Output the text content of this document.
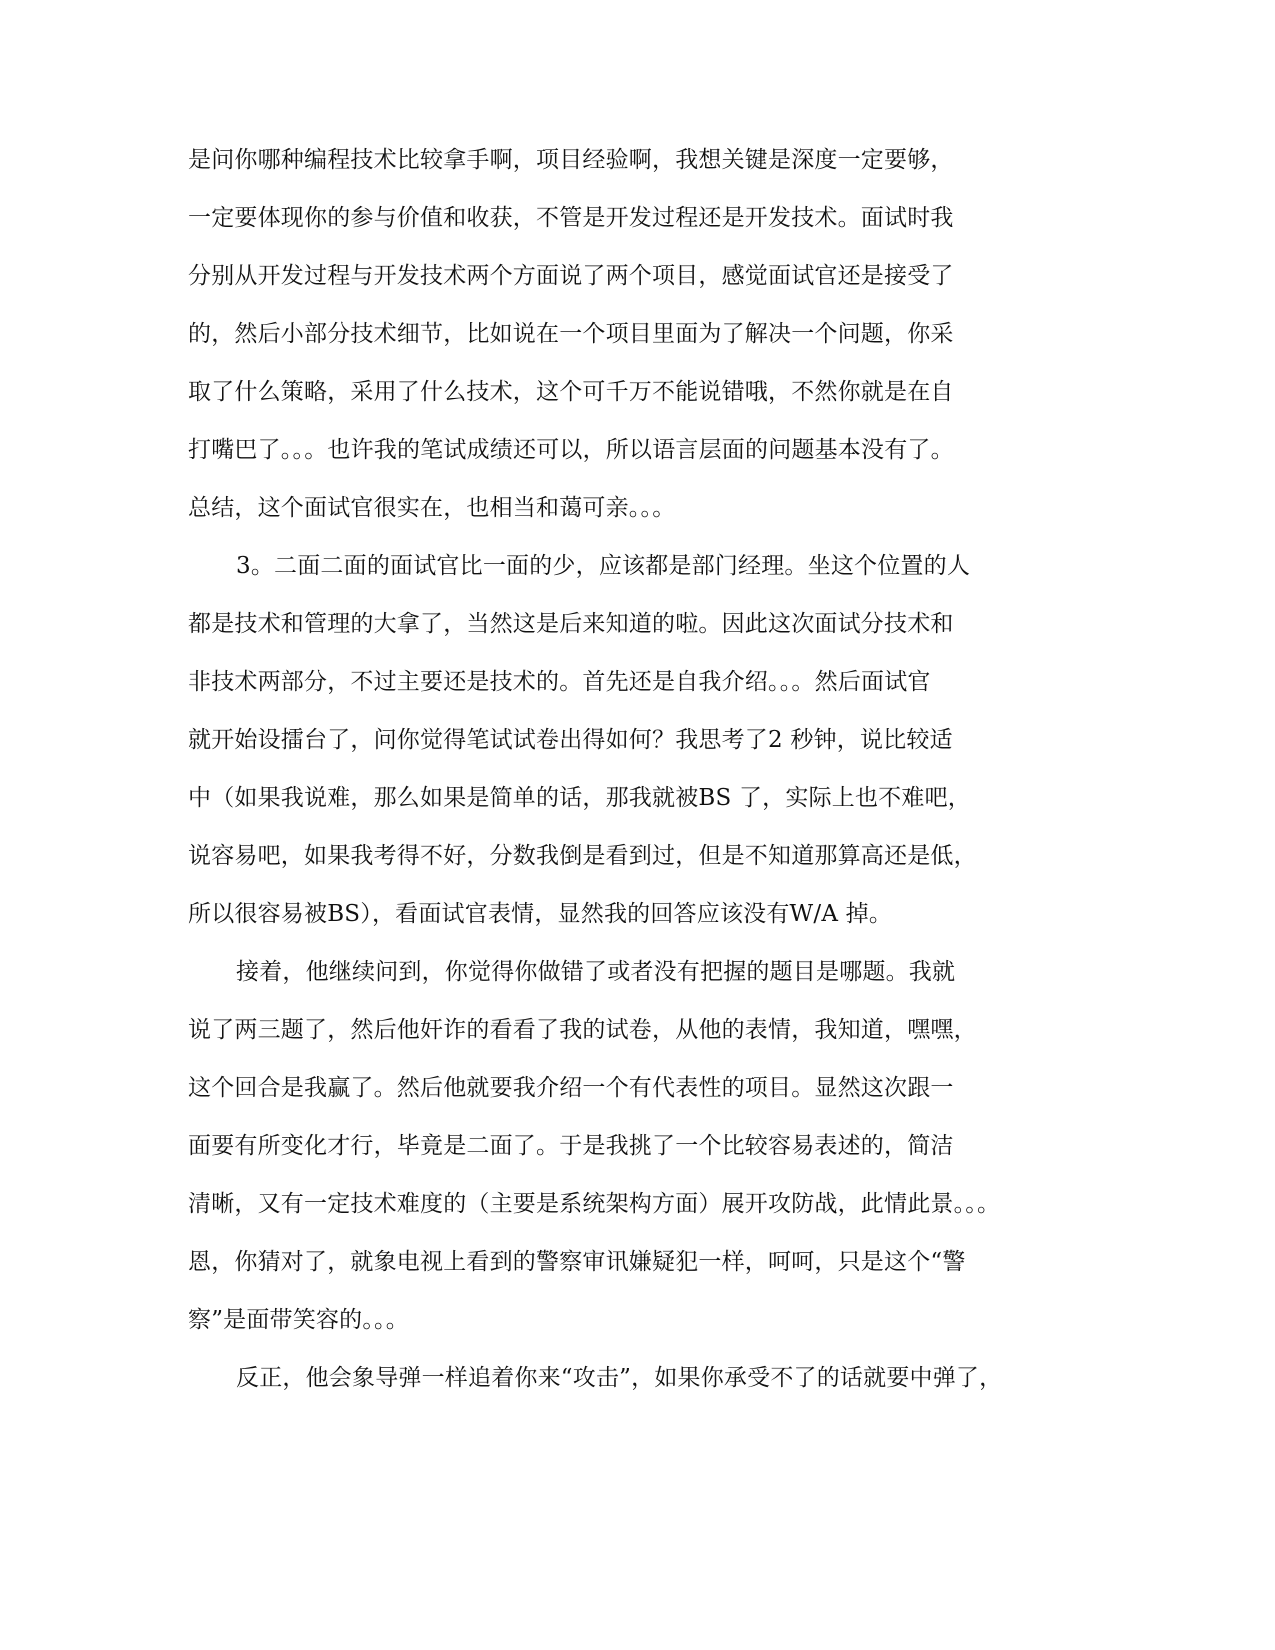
是问你哪种编程技术比较拿手啊，项目经验啊，我想关键是深度一定要够，
一定要体现你的参与价值和收获，不管是开发过程还是开发技术。面试时我
分别从开发过程与开发技术两个方面说了两个项目，感觉面试官还是接受了
的，然后小部分技术细节，比如说在一个项目里面为了解决一个问题，你采
取了什么策略，采用了什么技术，这个可千万不能说错哦，不然你就是在自
打嘴巴了。。。也许我的笔试成绩还可以，所以语言层面的问题基本没有了。
总结，这个面试官很实在，也相当和蔼可亲。。。
3。二面二面的面试官比一面的少，应该都是部门经理。坐这个位置的人
都是技术和管理的大拿了，当然这是后来知道的啦。因此这次面试分技术和
非技术两部分，不过主要还是技术的。首先还是自我介绍。。。然后面试官
就开始设擂台了，问你觉得笔试试卷出得如何？我思考了2 秒钟，说比较适
中（如果我说难，那么如果是简单的话，那我就被BS 了，实际上也不难吧，
说容易吧，如果我考得不好，分数我倒是看到过，但是不知道那算高还是低，
所以很容易被BS），看面试官表情，显然我的回答应该没有W/A 掉。
接着，他继续问到，你觉得你做错了或者没有把握的题目是哪题。我就
说了两三题了，然后他奸诈的看看了我的试卷，从他的表情，我知道，嘿嘿，
这个回合是我赢了。然后他就要我介绍一个有代表性的项目。显然这次跟一
面要有所变化才行，毕竟是二面了。于是我挑了一个比较容易表述的，简洁
清晰，又有一定技术难度的（主要是系统架构方面）展开攻防战，此情此景。。。
恩，你猜对了，就象电视上看到的警察审讯嫌疑犯一样，呵呵，只是这个“警
察”是面带笑容的。。。
反正，他会象导弹一样追着你来“攻击”，如果你承受不了的话就要中弹了，
